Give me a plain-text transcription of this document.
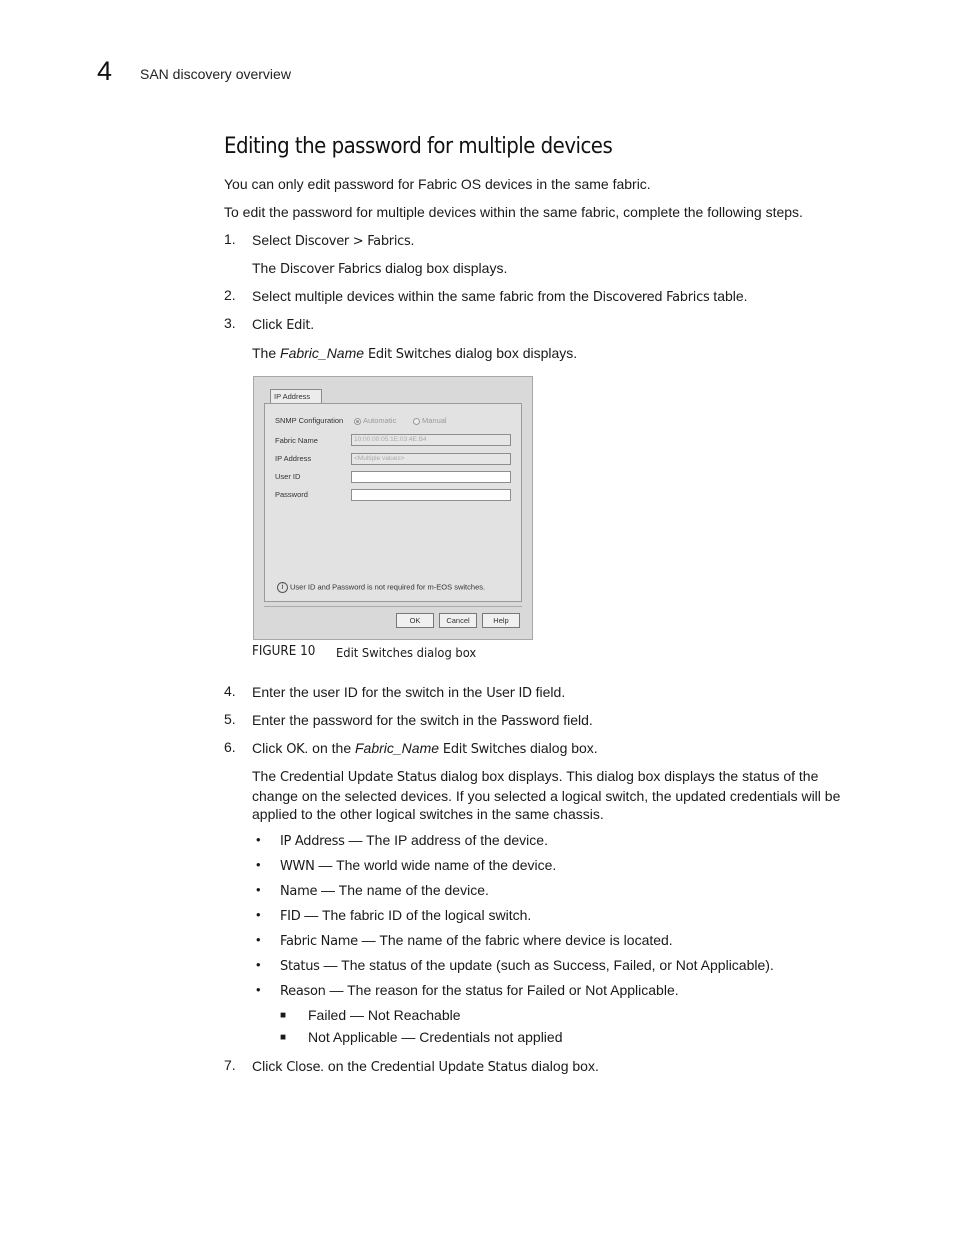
4 SAN discovery overview
Editing the password for multiple devices
You can only edit password for Fabric OS devices in the same fabric.
To edit the password for multiple devices within the same fabric, complete the following steps.
1. Select Discover > Fabrics.
The Discover Fabrics dialog box displays.
2. Select multiple devices within the same fabric from the Discovered Fabrics table.
3. Click Edit.
The Fabric_Name Edit Switches dialog box displays.
IP Address
SNMP Configuration	Automatic	Manual
Fabric Name	10:00:00:05:1E:03:4E:B4
IP Address	<Multiple values>
User ID
Password
i User ID and Password is not required for m-EOS switches.
OK	Cancel	Help
FIGURE 10 Edit Switches dialog box
4. Enter the user ID for the switch in the User ID field.
5. Enter the password for the switch in the Password field.
6. Click OK. on the Fabric_Name Edit Switches dialog box.
The Credential Update Status dialog box displays. This dialog box displays the status of the
change on the selected devices. If you selected a logical switch, the updated credentials will be
applied to the other logical switches in the same chassis.
• IP Address — The IP address of the device.
• WWN — The world wide name of the device.
• Name — The name of the device.
• FID — The fabric ID of the logical switch.
• Fabric Name — The name of the fabric where device is located.
• Status — The status of the update (such as Success, Failed, or Not Applicable).
• Reason — The reason for the status for Failed or Not Applicable.
■ Failed — Not Reachable
■ Not Applicable — Credentials not applied
7. Click Close. on the Credential Update Status dialog box.
